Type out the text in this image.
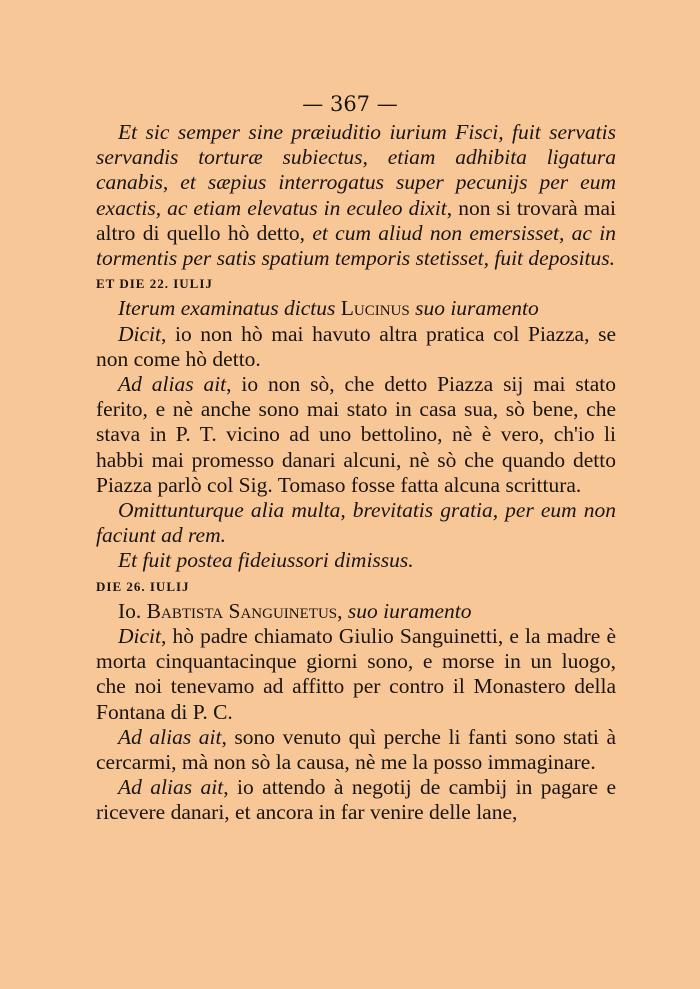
— 367 —

Et sic semper sine præiuditio iurium Fisci, fuit servatis servandis torturæ subiectus, etiam adhibita ligatura canabis, et sæpius interrogatus super pecunijs per eum exactis, ac etiam elevatus in eculeo dixit, non si trovarà mai altro di quello hò detto, et cum aliud non emersisset, ac in tormentis per satis spatium temporis stetisset, fuit depositus.

ET DIE 22. IULIJ

Iterum examinatus dictus Lucinus suo iuramento

Dicit, io non hò mai havuto altra pratica col Piazza, se non come hò detto.

Ad alias ait, io non sò, che detto Piazza sij mai stato ferito, e nè anche sono mai stato in casa sua, sò bene, che stava in P. T. vicino ad uno bettolino, nè è vero, ch'io li habbi mai promesso danari alcuni, nè sò che quando detto Piazza parlò col Sig. Tomaso fosse fatta alcuna scrittura.

Omittunturque alia multa, brevitatis gratia, per eum non faciunt ad rem.

Et fuit postea fideiussori dimissus.

DIE 26. IULIJ

Io. Babtista Sanguinetus, suo iuramento

Dicit, hò padre chiamato Giulio Sanguinetti, e la madre è morta cinquantacinque giorni sono, e morse in un luogo, che noi tenevamo ad affitto per contro il Monastero della Fontana di P. C.

Ad alias ait, sono venuto quì perche li fanti sono stati à cercarmi, mà non sò la causa, nè me la posso immaginare.

Ad alias ait, io attendo à negotij de cambij in pagare e ricevere danari, et ancora in far venire delle lane,
